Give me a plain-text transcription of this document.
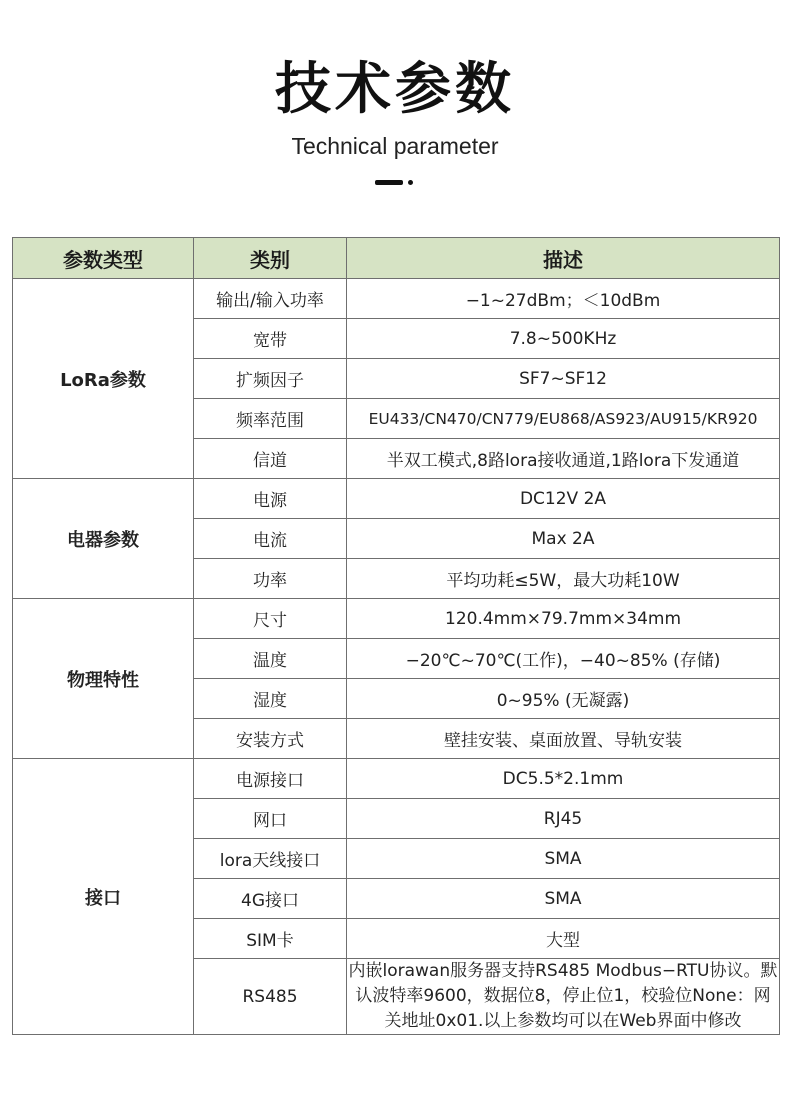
技术参数
Technical parameter
参数类型	类别	描述
LoRa参数	输出/输入功率	−1~27dBm；＜10dBm
	宽带	7.8~500KHz
	扩频因子	SF7~SF12
	频率范围	EU433/CN470/CN779/EU868/AS923/AU915/KR920
	信道	半双工模式,8路lora接收通道,1路lora下发通道
电器参数	电源	DC12V 2A
	电流	Max 2A
	功率	平均功耗≤5W，最大功耗10W
物理特性	尺寸	120.4mm×79.7mm×34mm
	温度	−20℃~70℃(工作)，−40~85% (存储)
	湿度	0~95% (无凝露)
	安装方式	壁挂安装、桌面放置、导轨安装
接口	电源接口	DC5.5*2.1mm
	网口	RJ45
	lora天线接口	SMA
	4G接口	SMA
	SIM卡	大型
	RS485	内嵌lorawan服务器支持RS485 Modbus−RTU协议。默认波特率9600，数据位8，停止位1，校验位None：网关地址0x01.以上参数均可以在Web界面中修改
